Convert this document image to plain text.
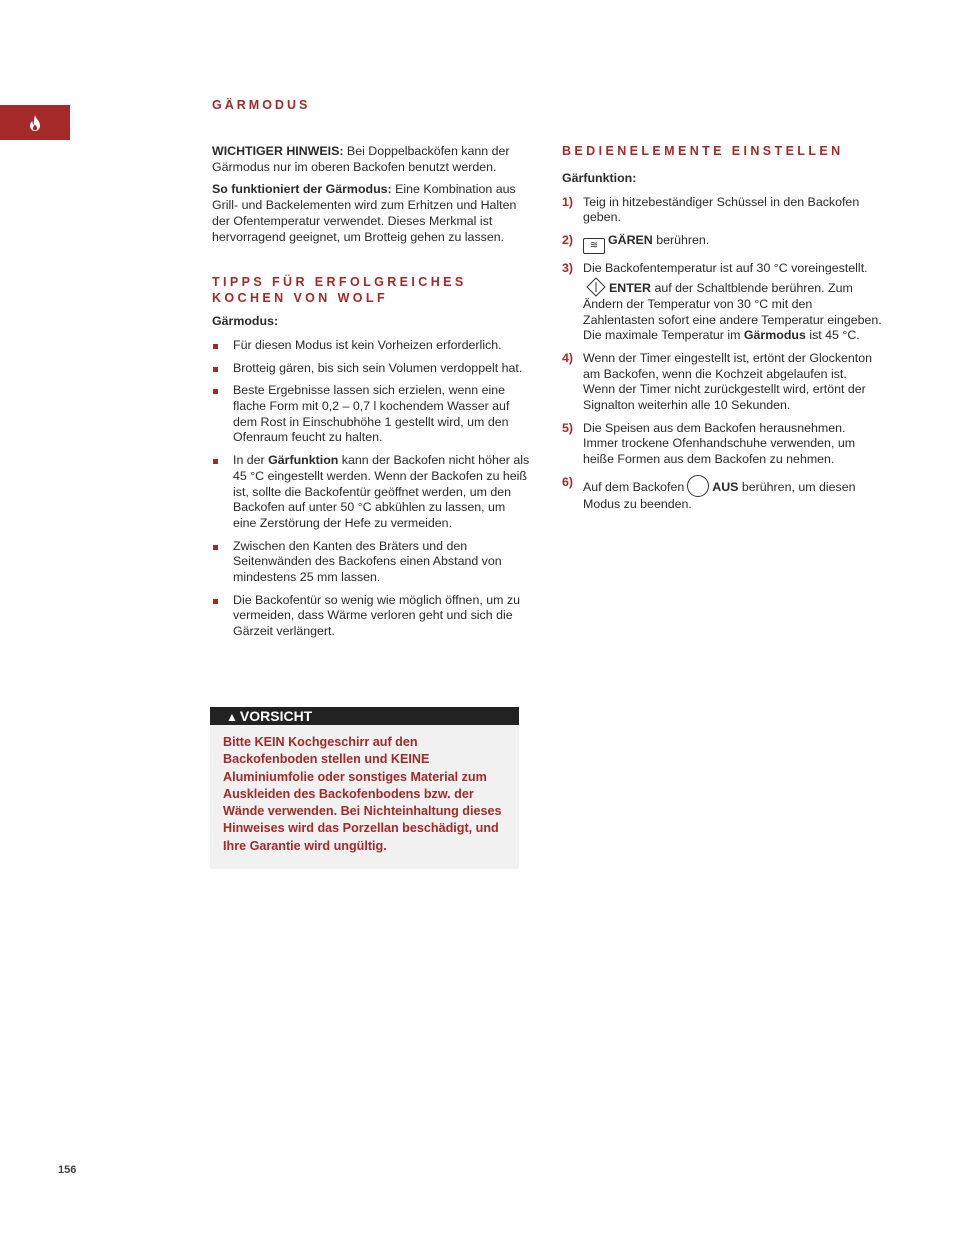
GÄRMODUS

WICHTIGER HINWEIS: Bei Doppelbacköfen kann der Gärmodus nur im oberen Backofen benutzt werden.

So funktioniert der Gärmodus: Eine Kombination aus Grill- und Backelementen wird zum Erhitzen und Halten der Ofentemperatur verwendet. Dieses Merkmal ist hervorragend geeignet, um Brotteig gehen zu lassen.

TIPPS FÜR ERFOLGREICHES KOCHEN VON WOLF

Gärmodus:

Für diesen Modus ist kein Vorheizen erforderlich.
Brotteig gären, bis sich sein Volumen verdoppelt hat.
Beste Ergebnisse lassen sich erzielen, wenn eine flache Form mit 0,2 – 0,7 l kochendem Wasser auf dem Rost in Einschubhöhe 1 gestellt wird, um den Ofenraum feucht zu halten.
In der Gärfunktion kann der Backofen nicht höher als 45 °C eingestellt werden. Wenn der Backofen zu heiß ist, sollte die Backofentür geöffnet werden, um den Backofen auf unter 50 °C abkühlen zu lassen, um eine Zerstörung der Hefe zu vermeiden.
Zwischen den Kanten des Bräters und den Seitenwänden des Backofens einen Abstand von mindestens 25 mm lassen.
Die Backofentür so wenig wie möglich öffnen, um zu vermeiden, dass Wärme verloren geht und sich die Gärzeit verlängert.
▲ VORSICHT
Bitte KEIN Kochgeschirr auf den Backofenboden stellen und KEINE Aluminiumfolie oder sonstiges Material zum Auskleiden des Backofenbodens bzw. der Wände verwenden. Bei Nichteinhaltung dieses Hinweises wird das Porzellan beschädigt, und Ihre Garantie wird ungültig.
BEDIENELEMENTE EINSTELLEN

Gärfunktion:

1) Teig in hitzebeständiger Schüssel in den Backofen geben.
2) ≋ GÄREN berühren.
3) Die Backofentemperatur ist auf 30 °C voreingestellt.ENTER auf der Schaltblende berühren. Zum Ändern der Temperatur von 30 °C mit den Zahlentasten sofort eine andere Temperatur eingeben. Die maximale Temperatur im Gärmodus ist 45 °C.
4) Wenn der Timer eingestellt ist, ertönt der Glockenton am Backofen, wenn die Kochzeit abgelaufen ist. Wenn der Timer nicht zurückgestellt wird, ertönt der Signalton weiterhin alle 10 Sekunden.
5) Die Speisen aus dem Backofen herausnehmen. Immer trockene Ofenhandschuhe verwenden, um heiße Formen aus dem Backofen zu nehmen.
6) Auf dem Backofen AUS berühren, um diesen Modus zu beenden.
156
